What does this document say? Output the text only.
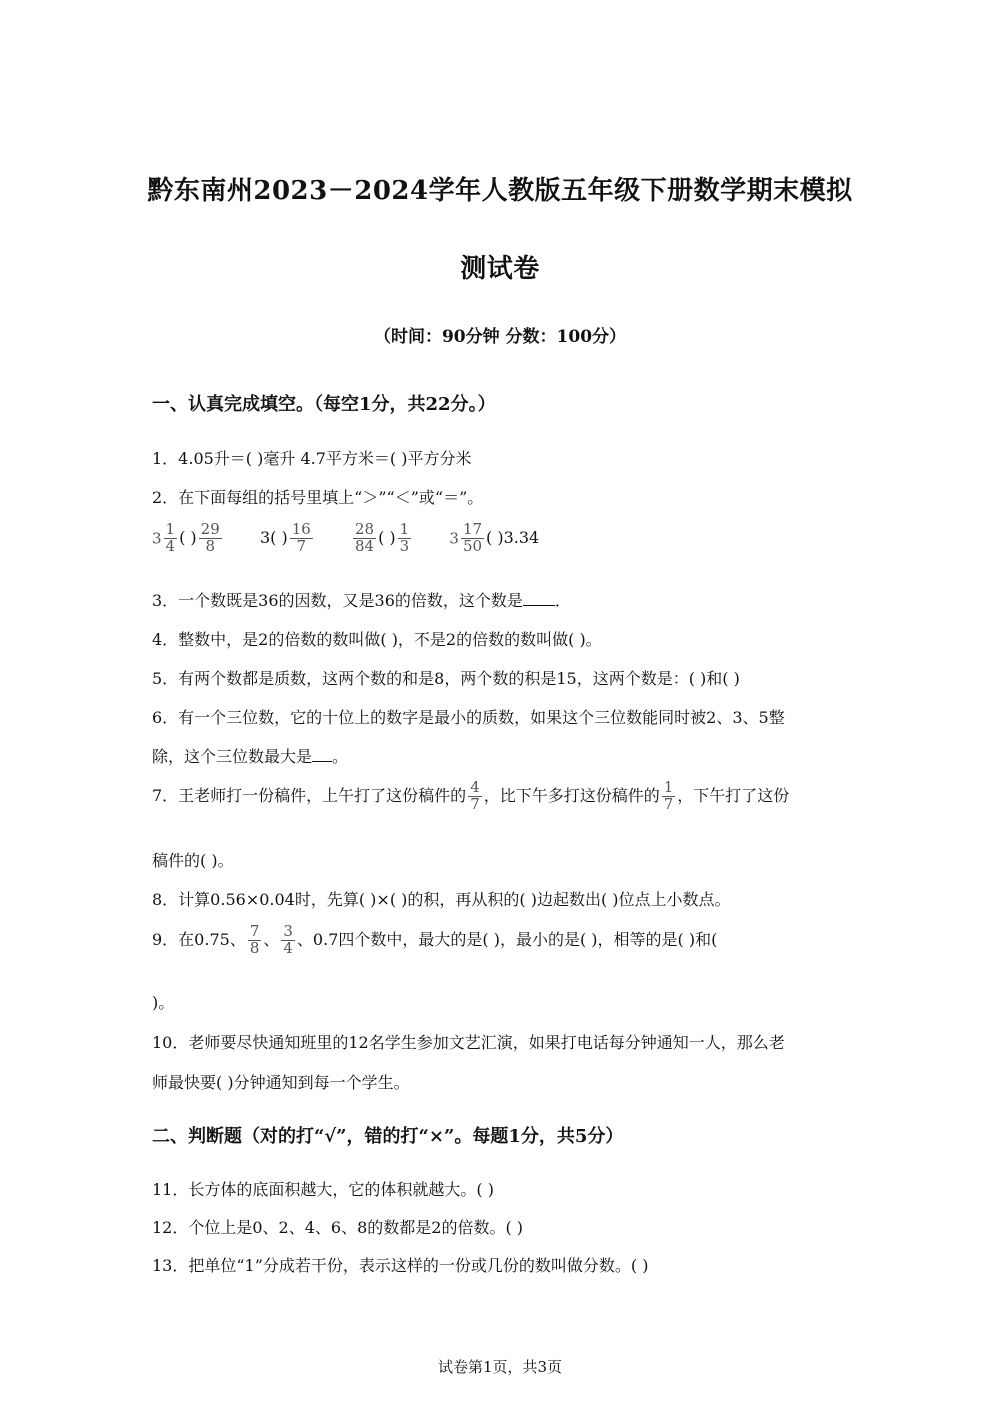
黔东南州2023－2024学年人教版五年级下册数学期末模拟
测试卷
（时间：90分钟 分数：100分）
一、认真完成填空。（每空1分，共22分。）
1．4.05升＝( )毫升 4.7平方米＝( )平方分米
2．在下面每组的括号里填上“＞”“＜”或“＝”。
$3 \frac{1}{4}$ ( ) $\frac{29}{8} 3$( ) $\frac{16}{7}$
	$\frac{28}{84}$ ( ) $\frac{1}{3}$	$3 \frac{17}{50}$ ( )3.34
3．一个数既是36的因数，又是36的倍数，这个数是 ．
4．整数中，是2的倍数的数叫做( )，不是2的倍数的数叫做( )。
5．有两个数都是质数，这两个数的和是8，两个数的积是15，这两个数是：( )和( )
6．有一个三位数，它的十位上的数字是最小的质数，如果这个三位数能同时被2、3、5整
除，这个三位数最大是 。
7．王老师打一份稿件，上午打了这份稿件的 $\frac{4}{7}$ ，比下午多打这份稿件的 $\frac{1}{7}$ ，下午打了这份
稿件的( )。
8．计算0.56×0.04时，先算( )×( )的积，再从积的( )边起数出( )位点上小数点。
9．在0.75、 $\frac{7}{8}$ 、 $\frac{3}{4}$ 、0.7四个数中，最大的是( )，最小的是( )，相等的是( )和(
)。
10．老师要尽快通知班里的12名学生参加文艺汇演，如果打电话每分钟通知一人，那么老
师最快要( )分钟通知到每一个学生。
二、判断题（对的打“√”，错的打“×”。每题1分，共5分）
11．长方体的底面积越大，它的体积就越大。( )
12．个位上是0、2、4、6、8的数都是2的倍数。( )
13．把单位“1”分成若干份，表示这样的一份或几份的数叫做分数。( )
试卷第1页，共3页
